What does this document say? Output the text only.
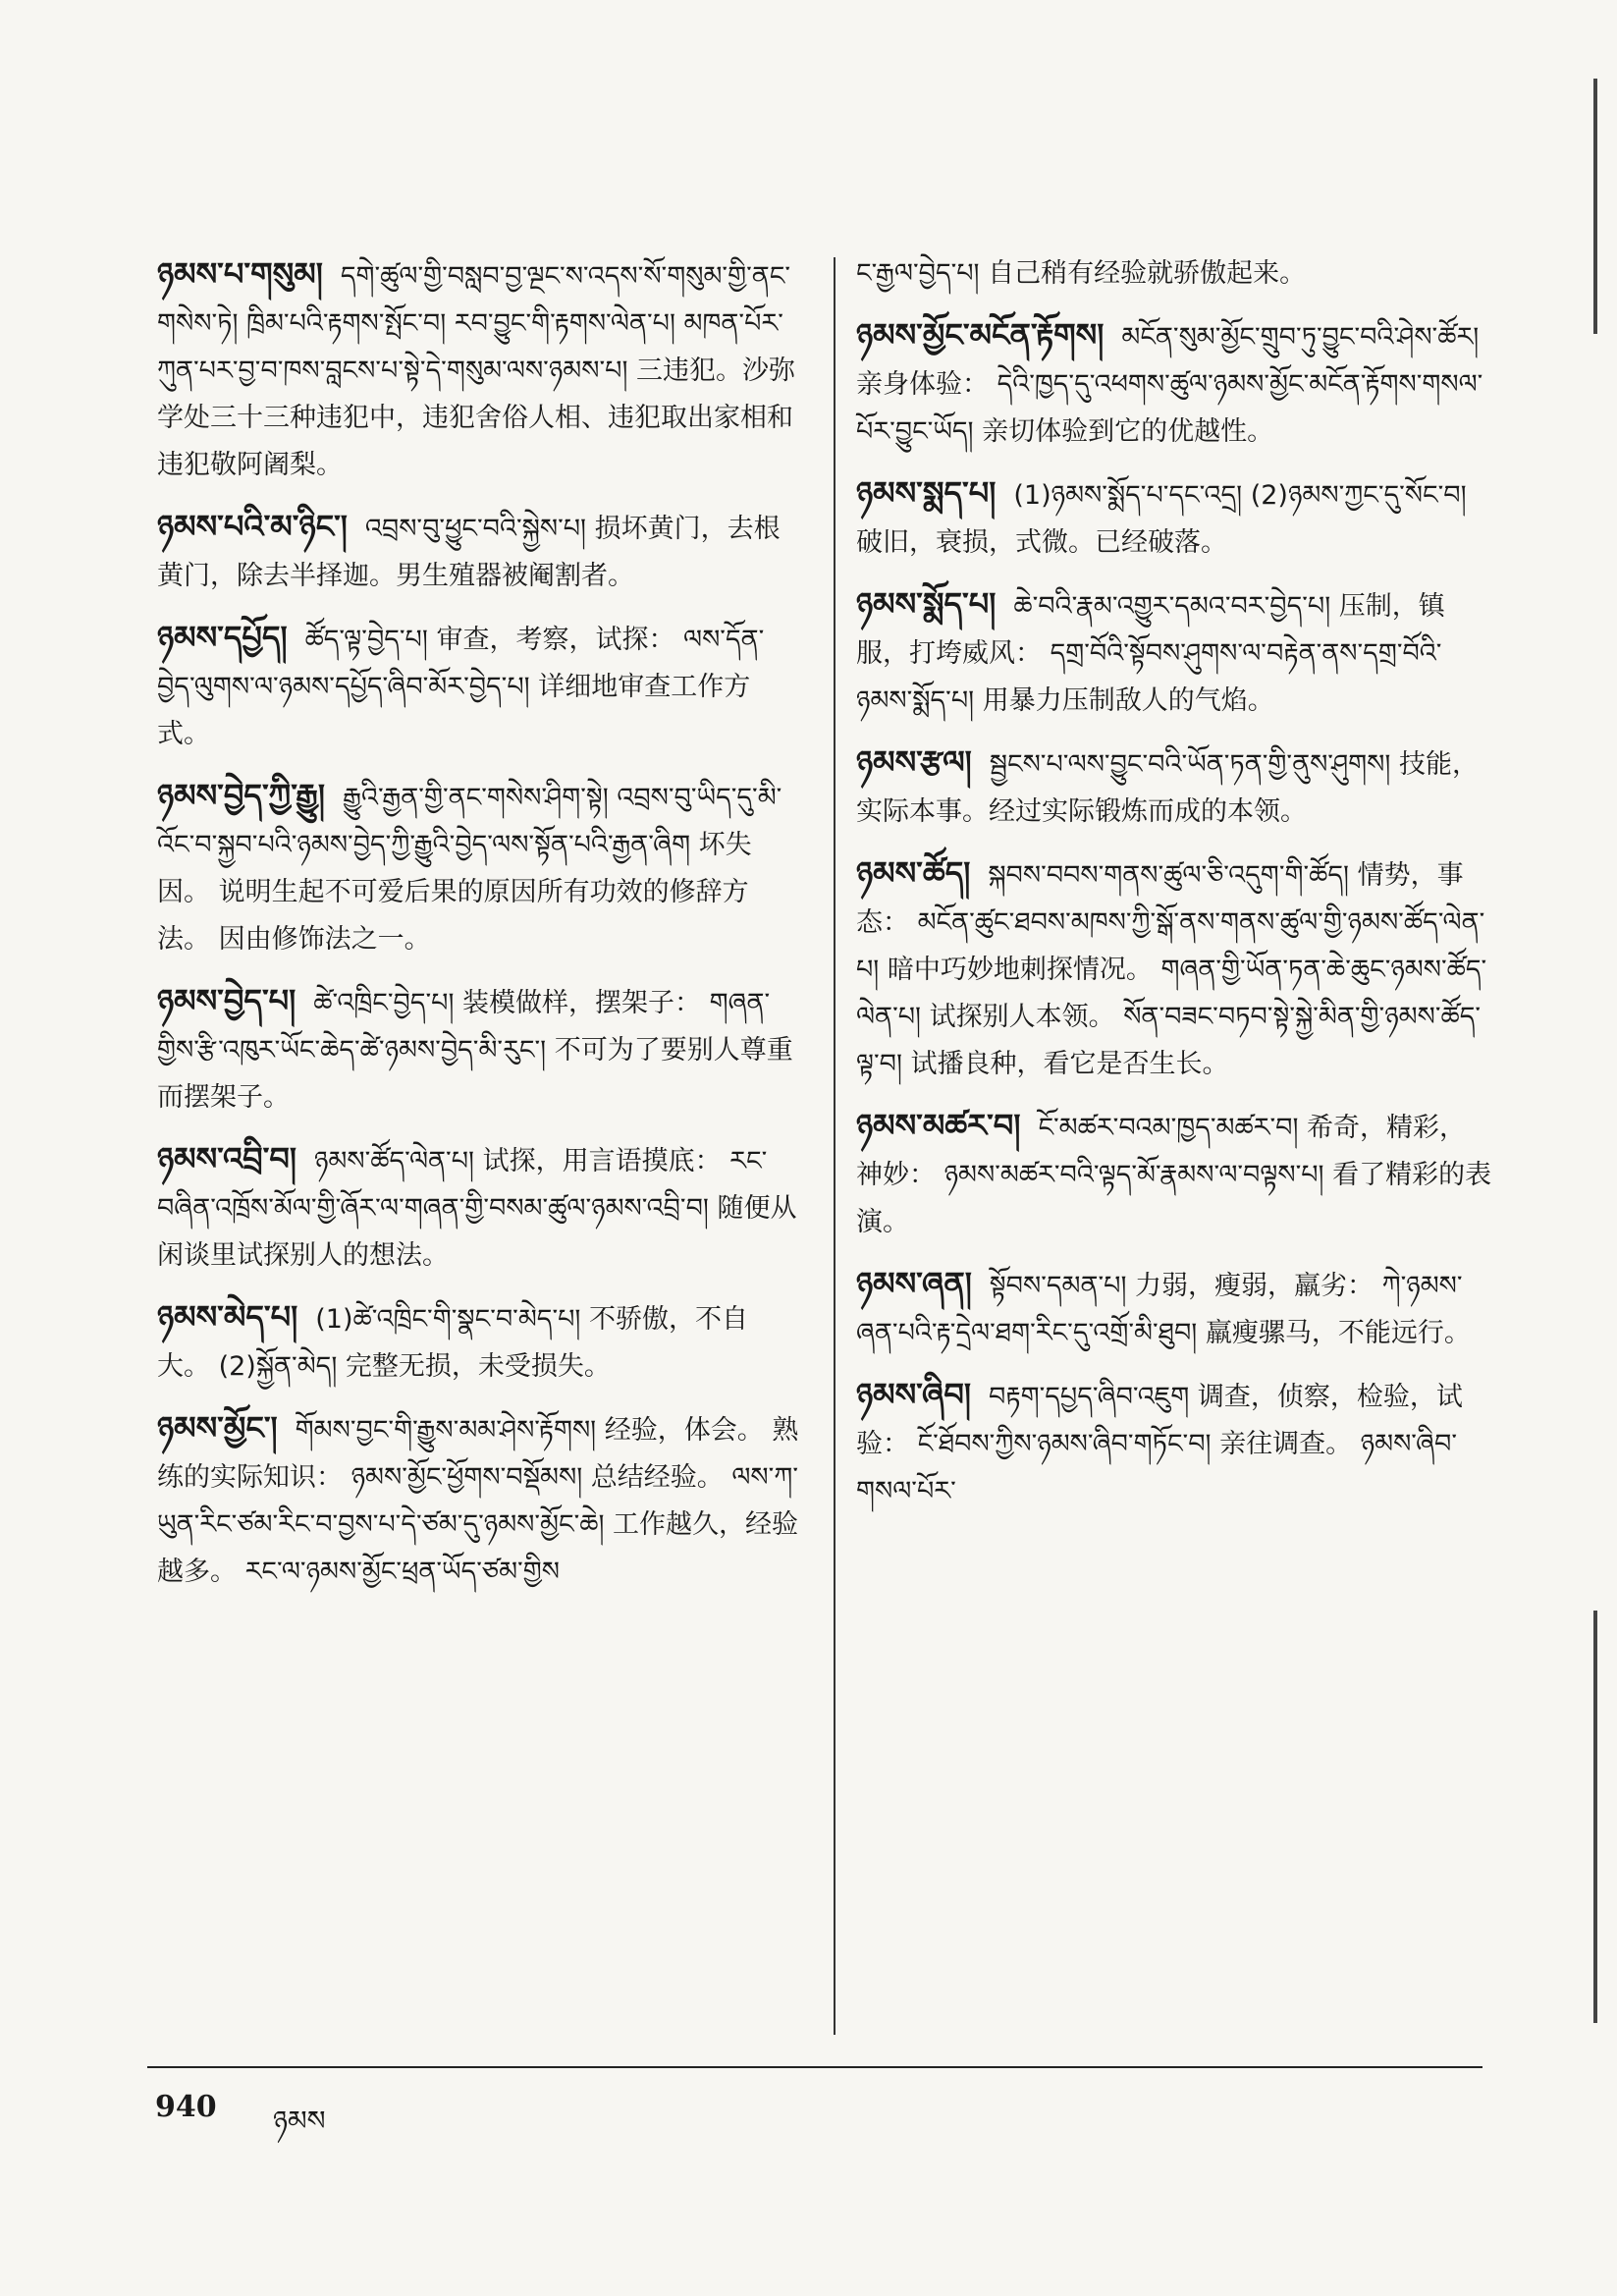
ཉམས་པ་གསུམ། དགེ་ཚུལ་གྱི་བསླབ་བྱ་ལྔང་ས་འདས་སོ་གསུམ་གྱི་ནང་གསེས་ཏེ། ཁྲིམ་པའི་རྟགས་སྤོང་བ། རབ་བྱུང་གི་རྟགས་ལེན་པ། མཁན་པོར་ཀུན་པར་བྱ་བ་ཁས་བླངས་པ་སྟེ་དེ་གསུམ་ལས་ཉམས་པ། 三违犯。沙弥学处三十三种违犯中，违犯舍俗人相、违犯取出家相和违犯敬阿阇梨。
ཉམས་པའི་མ་ཉིང་། འབྲས་བུ་ཕྱུང་བའི་སྐྱེས་པ། 损坏黄门，去根黄门，除去半择迦。男生殖器被阉割者。
ཉམས་དཔྱོད། ཚོད་ལྟ་བྱེད་པ། 审查，考察，试探： ལས་དོན་བྱེད་ལུགས་ལ་ཉམས་དཔྱོད་ཞིབ་མོར་བྱེད་པ། 详细地审查工作方式。
ཉམས་བྱེད་ཀྱི་རྒྱུ། རྒྱུའི་རྒྱན་གྱི་ནང་གསེས་ཤིག་སྟེ། འབྲས་བུ་ཡིད་དུ་མི་འོང་བ་སྐྱབ་པའི་ཉམས་བྱེད་ཀྱི་རྒྱུའི་བྱེད་ལས་སྟོན་པའི་རྒྱན་ཞིག 坏失因。 说明生起不可爱后果的原因所有功效的修辞方法。 因由修饰法之一。
ཉམས་བྱེད་པ། ཚེ་འཁྲིང་བྱེད་པ། 装模做样，摆架子： གཞན་གྱིས་རྩི་འཁུར་ཡོང་ཆེད་ཚེ་ཉམས་བྱེད་མི་རུང་། 不可为了要别人尊重而摆架子。
ཉམས་འབྲི་བ། ཉམས་ཚོད་ལེན་པ། 试探，用言语摸底： རང་བཞིན་འཁྲོས་མོལ་གྱི་ཞོར་ལ་གཞན་གྱི་བསམ་ཚུལ་ཉམས་འབྲི་བ། 随便从闲谈里试探别人的想法。
ཉམས་མེད་པ། (1)ཚེ་འཁྲིང་གི་སྣང་བ་མེད་པ། 不骄傲，不自大。 (2)སྐྱོན་མེད། 完整无损，未受损失。
ཉམས་མྱོང་། གོམས་བྱང་གི་རྒྱུས་མམ་ཤེས་རྟོགས། 经验，体会。 熟练的实际知识： ཉམས་མྱོང་ཕྱོགས་བསྡོམས། 总结经验。 ལས་ཀ་ཡུན་རིང་ཙམ་རིང་བ་བྱས་པ་དེ་ཙམ་དུ་ཉམས་མྱོང་ཆེ། 工作越久，经验越多。 རང་ལ་ཉམས་མྱོང་ཕྲན་ཡོད་ཙམ་གྱིས
ང་རྒྱལ་བྱེད་པ། 自己稍有经验就骄傲起来。
ཉམས་མྱོང་མངོན་རྟོགས། མངོན་སུམ་མྱོང་གྲུབ་ཏུ་བྱུང་བའི་ཤེས་ཚོར། 亲身体验： དེའི་ཁྱད་དུ་འཕགས་ཚུལ་ཉམས་མྱོང་མངོན་རྟོགས་གསལ་པོར་བྱུང་ཡོད། 亲切体验到它的优越性。
ཉམས་སྨད་པ། (1)ཉམས་སྨོད་པ་དང་འདྲ། (2)ཉམས་ཀྱང་དུ་སོང་བ། 破旧，衰损，式微。已经破落。
ཉམས་སྨོད་པ། ཆེ་བའི་རྣམ་འགྱུར་དམའ་བར་བྱེད་པ། 压制，镇服，打垮威风： དགྲ་བོའི་སྟོབས་ཤུགས་ལ་བརྟེན་ནས་དགྲ་བོའི་ཉམས་སྨོད་པ། 用暴力压制敌人的气焰。
ཉམས་རྩལ། སྦྱངས་པ་ལས་བྱུང་བའི་ཡོན་ཏན་གྱི་ནུས་ཤུགས། 技能，实际本事。经过实际锻炼而成的本领。
ཉམས་ཚོད། སྐབས་བབས་གནས་ཚུལ་ཅི་འདུག་གི་ཚོད། 情势，事态： མངོན་ཚུང་ཐབས་མཁས་ཀྱི་སྒོ་ནས་གནས་ཚུལ་གྱི་ཉམས་ཚོད་ལེན་པ། 暗中巧妙地刺探情况。 གཞན་གྱི་ཡོན་ཏན་ཆེ་ཆུང་ཉམས་ཚོད་ལེན་པ། 试探别人本领。 སོན་བཟང་བཏབ་སྟེ་སྐྱེ་མིན་གྱི་ཉམས་ཚོད་ལྟ་བ། 试播良种，看它是否生长。
ཉམས་མཚར་བ། ངོ་མཚར་བའམ་ཁྱད་མཚར་བ། 希奇，精彩，神妙： ཉམས་མཚར་བའི་ལྟད་མོ་རྣམས་ལ་བལྟས་པ། 看了精彩的表演。
ཉམས་ཞན། སྟོབས་དམན་པ། 力弱，瘦弱，羸劣： ཀེ་ཉམས་ཞན་པའི་རྟ་དྲེལ་ཐག་རིང་དུ་འགྲོ་མི་ཐུབ། 羸瘦骡马，不能远行。
ཉམས་ཞིབ། བརྟག་དཔྱད་ཞིབ་འཇུག 调查，侦察，检验，试验： ངོ་ཐོབས་ཀྱིས་ཉམས་ཞིབ་གཏོང་བ། 亲往调查。 ཉམས་ཞིབ་གསལ་པོར་
940 ཉམས
